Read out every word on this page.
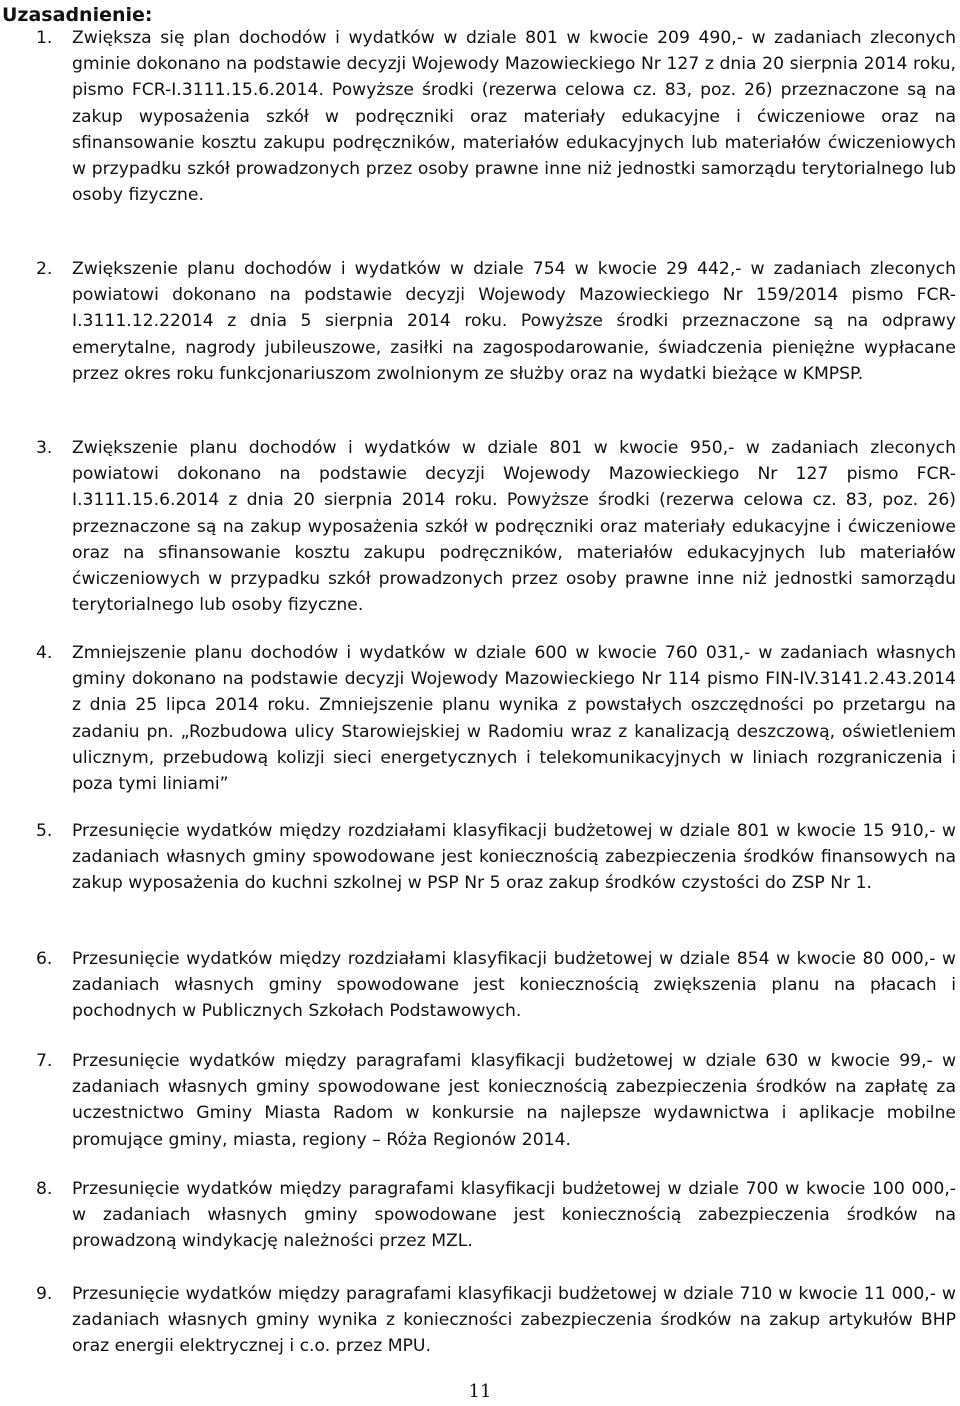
Uzasadnienie:
1. Zwiększa się plan dochodów i wydatków w dziale 801 w kwocie 209 490,- w zadaniach zleconych gminie dokonano na podstawie decyzji Wojewody Mazowieckiego Nr 127 z dnia 20 sierpnia 2014 roku, pismo FCR-I.3111.15.6.2014. Powyższe środki (rezerwa celowa cz. 83, poz. 26) przeznaczone są na zakup wyposażenia szkół w podręczniki oraz materiały edukacyjne i ćwiczeniowe oraz na sfinansowanie kosztu zakupu podręczników, materiałów edukacyjnych lub materiałów ćwiczeniowych w przypadku szkół prowadzonych przez osoby prawne inne niż jednostki samorządu terytorialnego lub osoby fizyczne.
2. Zwiększenie planu dochodów i wydatków w dziale 754 w kwocie 29 442,- w zadaniach zleconych powiatowi dokonano na podstawie decyzji Wojewody Mazowieckiego Nr 159/2014 pismo FCR-I.3111.12.22014 z dnia 5 sierpnia 2014 roku. Powyższe środki przeznaczone są na odprawy emerytalne, nagrody jubileuszowe, zasiłki na zagospodarowanie, świadczenia pieniężne wypłacane przez okres roku funkcjonariuszom zwolnionym ze służby oraz na wydatki bieżące w KMPSP.
3. Zwiększenie planu dochodów i wydatków w dziale 801 w kwocie 950,- w zadaniach zleconych powiatowi dokonano na podstawie decyzji Wojewody Mazowieckiego Nr 127 pismo FCR-I.3111.15.6.2014 z dnia 20 sierpnia 2014 roku. Powyższe środki (rezerwa celowa cz. 83, poz. 26) przeznaczone są na zakup wyposażenia szkół w podręczniki oraz materiały edukacyjne i ćwiczeniowe oraz na sfinansowanie kosztu zakupu podręczników, materiałów edukacyjnych lub materiałów ćwiczeniowych w przypadku szkół prowadzonych przez osoby prawne inne niż jednostki samorządu terytorialnego lub osoby fizyczne.
4. Zmniejszenie planu dochodów i wydatków w dziale 600 w kwocie 760 031,- w zadaniach własnych gminy dokonano na podstawie decyzji Wojewody Mazowieckiego Nr 114 pismo FIN-IV.3141.2.43.2014 z dnia 25 lipca 2014 roku. Zmniejszenie planu wynika z powstałych oszczędności po przetargu na zadaniu pn. „Rozbudowa ulicy Starowiejskiej w Radomiu wraz z kanalizacją deszczową, oświetleniem ulicznym, przebudową kolizji sieci energetycznych i telekomunikacyjnych w liniach rozgraniczenia i poza tymi liniami”
5. Przesunięcie wydatków między rozdziałami klasyfikacji budżetowej w dziale 801 w kwocie 15 910,- w zadaniach własnych gminy spowodowane jest koniecznością zabezpieczenia środków finansowych na zakup wyposażenia do kuchni szkolnej w PSP Nr 5 oraz zakup środków czystości do ZSP Nr 1.
6. Przesunięcie wydatków między rozdziałami klasyfikacji budżetowej w dziale 854 w kwocie 80 000,- w zadaniach własnych gminy spowodowane jest koniecznością zwiększenia planu na płacach i pochodnych w Publicznych Szkołach Podstawowych.
7. Przesunięcie wydatków między paragrafami klasyfikacji budżetowej w dziale 630 w kwocie 99,- w zadaniach własnych gminy spowodowane jest koniecznością zabezpieczenia środków na zapłatę za uczestnictwo Gminy Miasta Radom w konkursie na najlepsze wydawnictwa i aplikacje mobilne promujące gminy, miasta, regiony – Róża Regionów 2014.
8. Przesunięcie wydatków między paragrafami klasyfikacji budżetowej w dziale 700 w kwocie 100 000,- w zadaniach własnych gminy spowodowane jest koniecznością zabezpieczenia środków na prowadzoną windykację należności przez MZL.
9. Przesunięcie wydatków między paragrafami klasyfikacji budżetowej w dziale 710 w kwocie 11 000,- w zadaniach własnych gminy wynika z konieczności zabezpieczenia środków na zakup artykułów BHP oraz energii elektrycznej i c.o. przez MPU.
11
